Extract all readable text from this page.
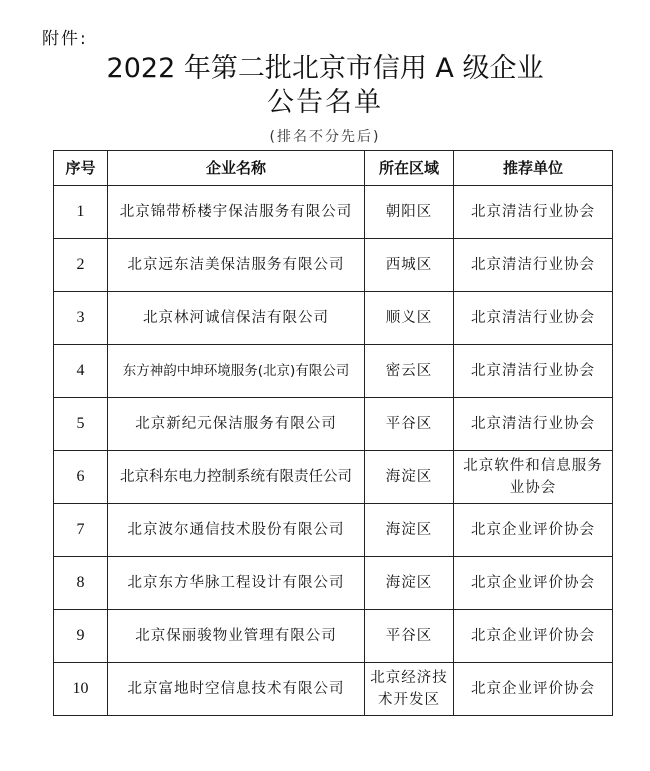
附件:
2022 年第二批北京市信用 A 级企业
公告名单
(排名不分先后)
序号	企业名称	所在区域	推荐单位
1	北京锦带桥楼宇保洁服务有限公司	朝阳区	北京清洁行业协会
2	北京远东洁美保洁服务有限公司	西城区	北京清洁行业协会
3	北京林河诚信保洁有限公司	顺义区	北京清洁行业协会
4	东方神韵中坤环境服务(北京)有限公司	密云区	北京清洁行业协会
5	北京新纪元保洁服务有限公司	平谷区	北京清洁行业协会
6	北京科东电力控制系统有限责任公司	海淀区	北京软件和信息服务业协会
7	北京波尔通信技术股份有限公司	海淀区	北京企业评价协会
8	北京东方华脉工程设计有限公司	海淀区	北京企业评价协会
9	北京保丽骏物业管理有限公司	平谷区	北京企业评价协会
10	北京富地时空信息技术有限公司	北京经济技术开发区	北京企业评价协会
